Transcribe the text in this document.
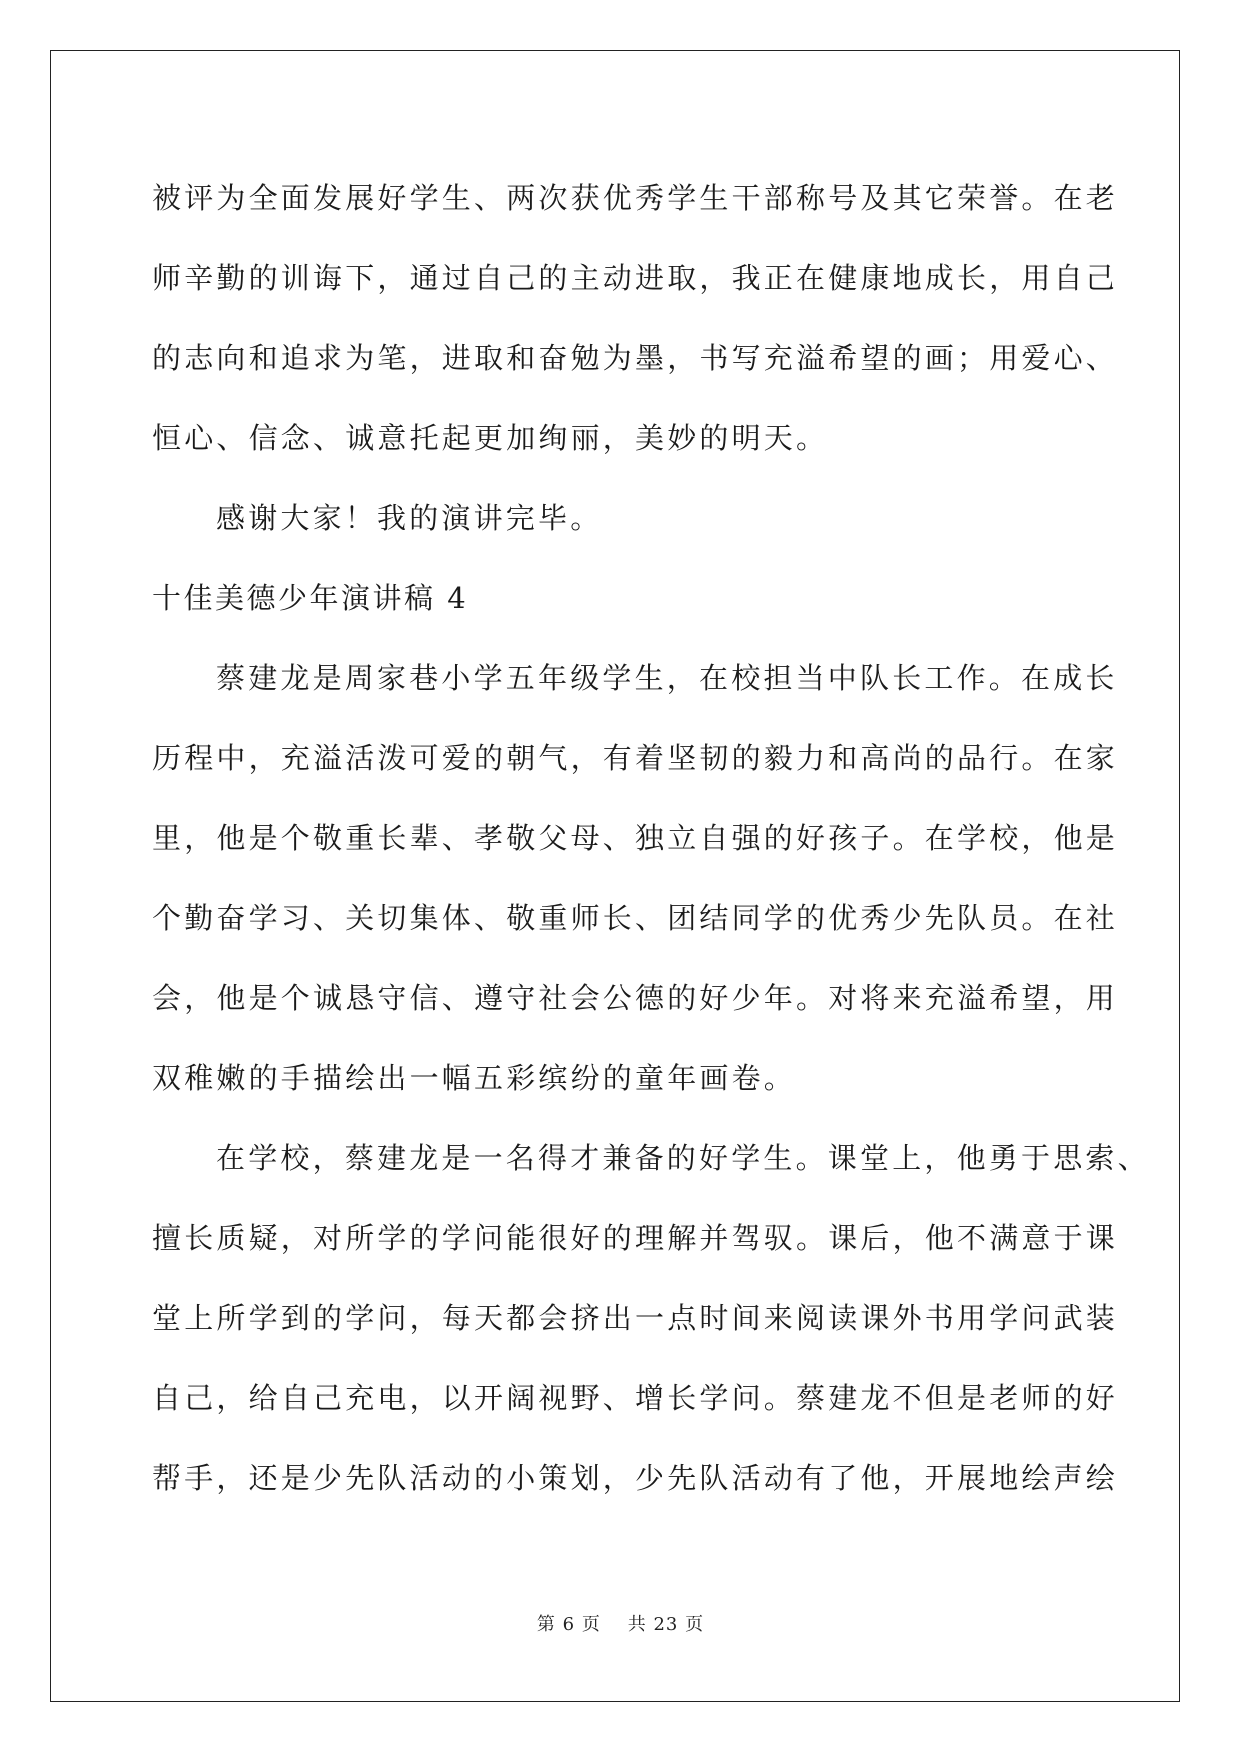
被评为全面发展好学生、两次获优秀学生干部称号及其它荣誉。在老
师辛勤的训诲下，通过自己的主动进取，我正在健康地成长，用自己
的志向和追求为笔，进取和奋勉为墨，书写充溢希望的画；用爱心、
恒心、信念、诚意托起更加绚丽，美妙的明天。
感谢大家！我的演讲完毕。
十佳美德少年演讲稿 4
蔡建龙是周家巷小学五年级学生，在校担当中队长工作。在成长
历程中，充溢活泼可爱的朝气，有着坚韧的毅力和高尚的品行。在家
里，他是个敬重长辈、孝敬父母、独立自强的好孩子。在学校，他是
个勤奋学习、关切集体、敬重师长、团结同学的优秀少先队员。在社
会，他是个诚恳守信、遵守社会公德的好少年。对将来充溢希望，用
双稚嫩的手描绘出一幅五彩缤纷的童年画卷。
在学校，蔡建龙是一名得才兼备的好学生。课堂上，他勇于思索、
擅长质疑，对所学的学问能很好的理解并驾驭。课后，他不满意于课
堂上所学到的学问，每天都会挤出一点时间来阅读课外书用学问武装
自己，给自己充电，以开阔视野、增长学问。蔡建龙不但是老师的好
帮手，还是少先队活动的小策划，少先队活动有了他，开展地绘声绘
第 6 页 共 23 页
